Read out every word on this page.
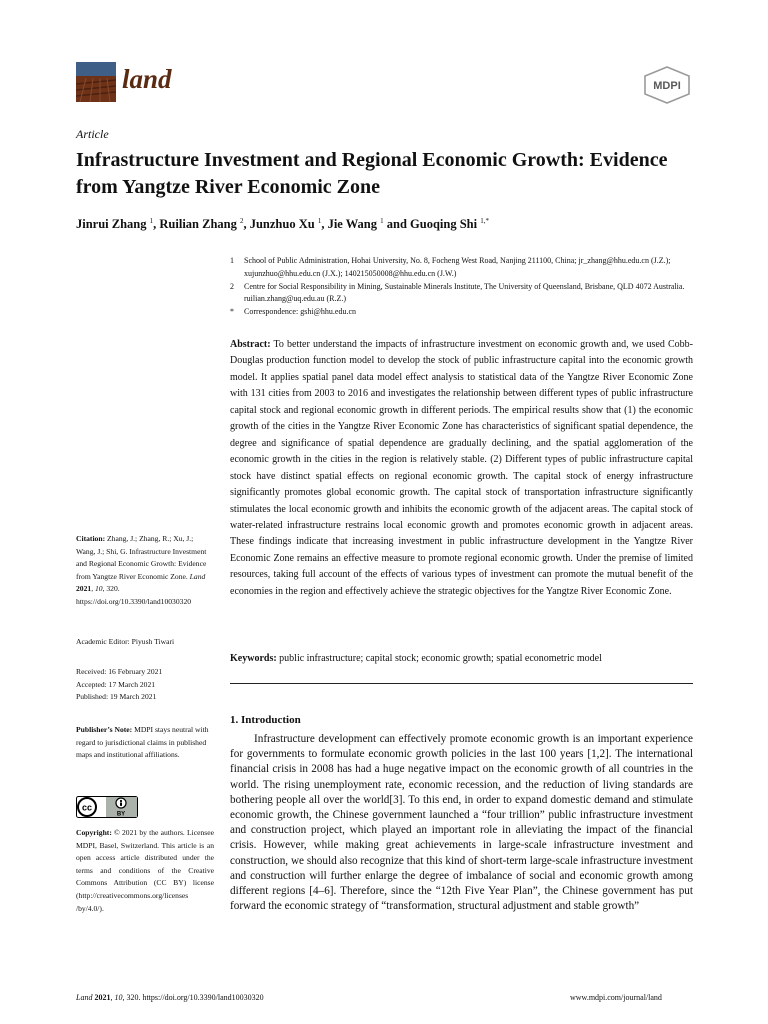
land	MDPI
Article
Infrastructure Investment and Regional Economic Growth: Evidence from Yangtze River Economic Zone
Jinrui Zhang $^1$, Ruilian Zhang $^2$, Junzhuo Xu $^1$, Jie Wang $^1$ and Guoqing Shi $^{1,*}$
1	School of Public Administration, Hohai University, No. 8, Focheng West Road, Nanjing 211100, China; jr_zhang@hhu.edu.cn (J.Z.); xujunzhuo@hhu.edu.cn (J.X.); 140215050008@hhu.edu.cn (J.W.)
2	Centre for Social Responsibility in Mining, Sustainable Minerals Institute, The University of Queensland, Brisbane, QLD 4072 Australia. ruilian.zhang@uq.edu.au (R.Z.)
*	Correspondence: gshi@hhu.edu.cn
Abstract: To better understand the impacts of infrastructure investment on economic growth and, we used Cobb-Douglas production function model to develop the stock of public infrastructure capital into the economic growth model. It applies spatial panel data model effect analysis to statistical data of the Yangtze River Economic Zone with 131 cities from 2003 to 2016 and investigates the relationship between different types of public infrastructure capital stock and regional economic growth in different periods. The empirical results show that (1) the economic growth of the cities in the Yangtze River Economic Zone has characteristics of significant spatial dependence, the degree and significance of spatial dependence are gradually declining, and the spatial agglomeration of the economic growth in the cities in the region is relatively stable. (2) Different types of public infrastructure capital stock have distinct spatial effects on regional economic growth. The capital stock of energy infrastructure significantly promotes global economic growth. The capital stock of transportation infrastructure significantly stimulates the local economic growth and inhibits the economic growth of the adjacent areas. The capital stock of water-related infrastructure restrains local economic growth and promotes economic growth in adjacent areas. These findings indicate that increasing investment in public infrastructure development in the Yangtze River Economic Zone remains an effective measure to promote regional economic growth. Under the premise of limited resources, taking full account of the effects of various types of investment can promote the mutual benefit of the economies in the region and effectively achieve the strategic objectives for the Yangtze River Economic Zone.
Keywords: public infrastructure; capital stock; economic growth; spatial econometric model
1. Introduction

Infrastructure development can effectively promote economic growth is an important experience for governments to formulate economic growth policies in the last 100 years [1,2]. The international financial crisis in 2008 has had a huge negative impact on the economic growth of all countries in the world. The rising unemployment rate, economic recession, and the reduction of living standards are bothering people all over the world[3]. To this end, in order to expand domestic demand and stimulate economic growth, the Chinese government launched a “four trillion” public infrastructure investment and construction project, which played an important role in alleviating the impact of the financial crisis. However, while making great achievements in large-scale infrastructure investment and construction, we should also recognize that this kind of short-term large-scale infrastructure investment and construction will further enlarge the degree of imbalance of social and economic growth among different regions [4–6]. Therefore, since the “12th Five Year Plan”, the Chinese government has put forward the economic strategy of “transformation, structural adjustment and stable growth”

Citation: Zhang, J.; Zhang, R.; Xu, J.; Wang, J.; Shi, G. Infrastructure Investment and Regional Economic Growth: Evidence from Yangtze River Economic Zone. Land 2021, 10, 320. https://doi.org/10.3390/land10030320

Academic Editor: Piyush Tiwari

Received: 16 February 2021

Accepted: 17 March 2021

Published: 19 March 2021

Publisher’s Note: MDPI stays neutral with regard to jurisdictional claims in published maps and institutional affiliations.

cc
BY

Copyright: © 2021 by the authors. Licensee MDPI, Basel, Switzerland. This article is an open access article distributed under the terms and conditions of the Creative Commons Attribution (CC BY) license (http://creativecommons.org/licenses /by/4.0/).

Land 2021, 10, 320. https://doi.org/10.3390/land10030320	www.mdpi.com/journal/land
